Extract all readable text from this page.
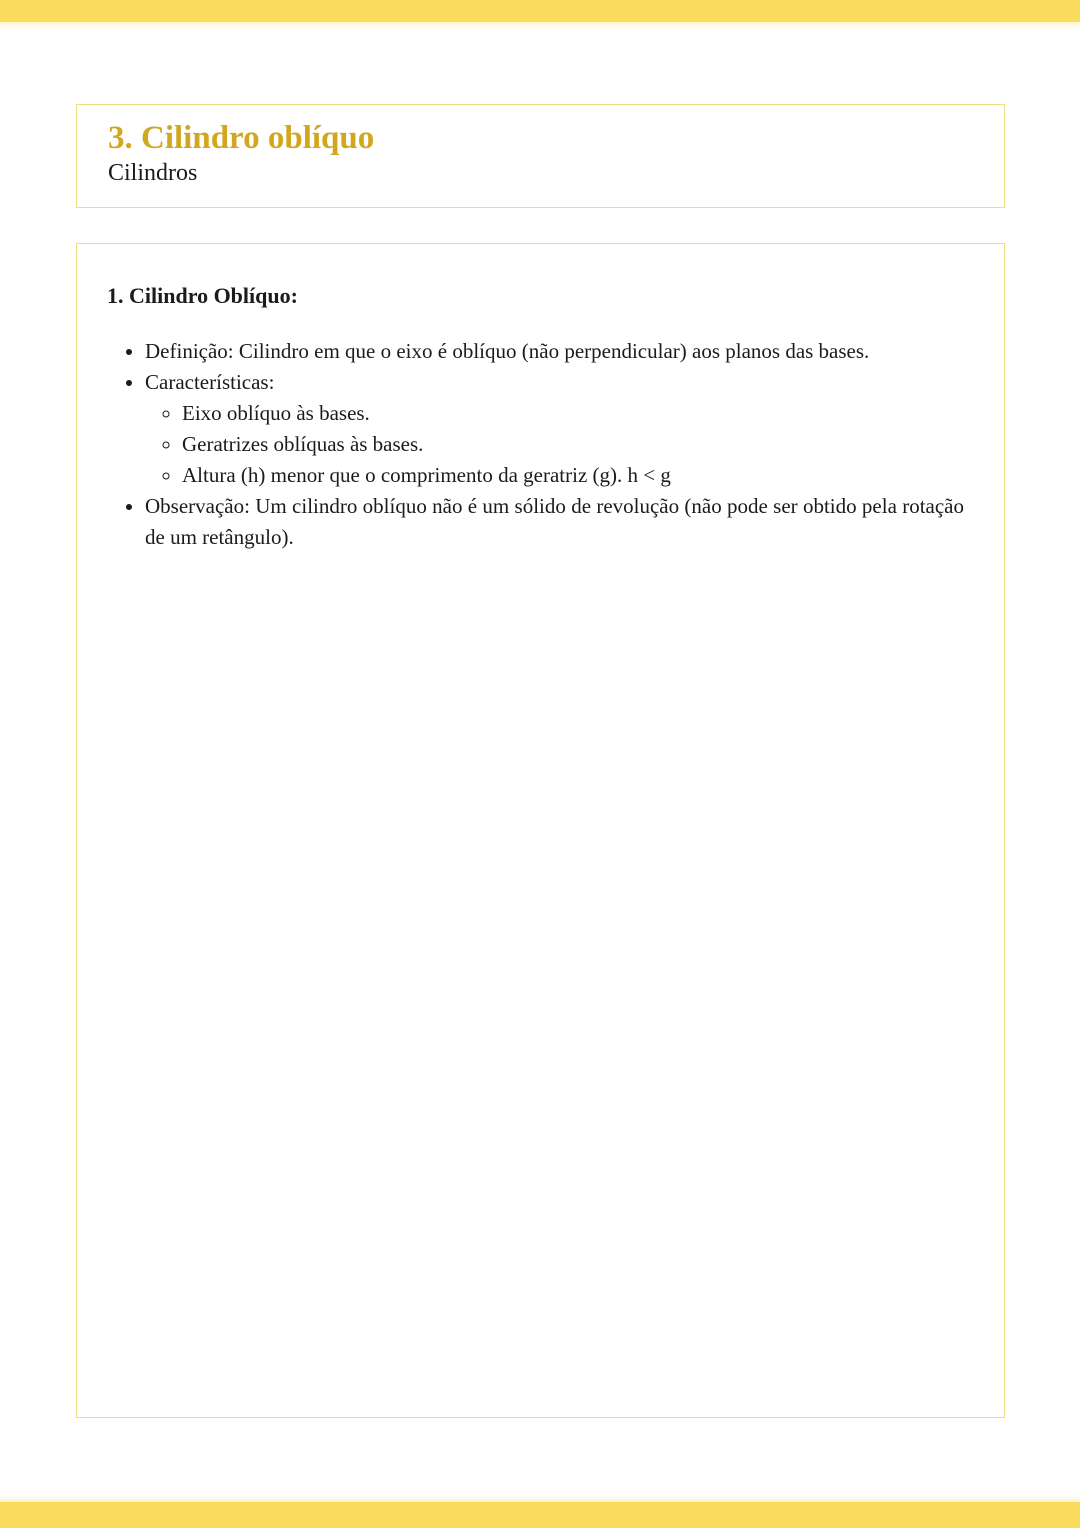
3. Cilindro oblíquo
Cilindros
1. Cilindro Oblíquo:
• Definição: Cilindro em que o eixo é oblíquo (não perpendicular) aos planos das bases.
• Características:
◦ Eixo oblíquo às bases.
◦ Geratrizes oblíquas às bases.
◦ Altura (h) menor que o comprimento da geratriz (g). h < g
• Observação: Um cilindro oblíquo não é um sólido de revolução (não pode ser obtido pela rotação de um retângulo).
